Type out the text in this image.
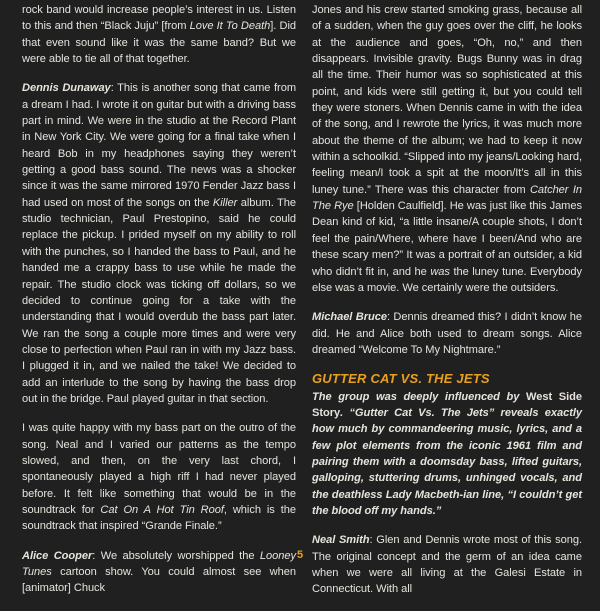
rock band would increase people’s interest in us. Listen to this and then “Black Juju” [from Love It To Death]. Did that even sound like it was the same band? But we were able to tie all of that together.

Dennis Dunaway: This is another song that came from a dream I had. I wrote it on guitar but with a driving bass part in mind. We were in the studio at the Record Plant in New York City. We were going for a final take when I heard Bob in my headphones saying they weren’t getting a good bass sound. The news was a shocker since it was the same mirrored 1970 Fender Jazz bass I had used on most of the songs on the Killer album. The studio technician, Paul Prestopino, said he could replace the pickup. I prided myself on my ability to roll with the punches, so I handed the bass to Paul, and he handed me a crappy bass to use while he made the repair. The studio clock was ticking off dollars, so we decided to continue going for a take with the understanding that I would overdub the bass part later. We ran the song a couple more times and were very close to perfection when Paul ran in with my Jazz bass. I plugged it in, and we nailed the take! We decided to add an interlude to the song by having the bass drop out in the bridge. Paul played guitar in that section.

I was quite happy with my bass part on the outro of the song. Neal and I varied our patterns as the tempo slowed, and then, on the very last chord, I spontaneously played a high riff I had never played before. It felt like something that would be in the soundtrack for Cat On A Hot Tin Roof, which is the soundtrack that inspired “Grande Finale.”

Alice Cooper: We absolutely worshipped the Looney Tunes cartoon show. You could almost see when [animator] Chuck

Jones and his crew started smoking grass, because all of a sudden, when the guy goes over the cliff, he looks at the audience and goes, “Oh, no,” and then disappears. Invisible gravity. Bugs Bunny was in drag all the time. Their humor was so sophisticated at this point, and kids were still getting it, but you could tell they were stoners. When Dennis came in with the idea of the song, and I rewrote the lyrics, it was much more about the theme of the album; we had to keep it now within a schoolkid. “Slipped into my jeans/Looking hard, feeling mean/I took a spit at the moon/It’s all in this luney tune.” There was this character from Catcher In The Rye [Holden Caulfield]. He was just like this James Dean kind of kid, “a little insane/A couple shots, I don’t feel the pain/Where, where have I been/And who are these scary men?” It was a portrait of an outsider, a kid who didn’t fit in, and he was the luney tune. Everybody else was a movie. We certainly were the outsiders.

Michael Bruce: Dennis dreamed this? I didn’t know he did. He and Alice both used to dream songs. Alice dreamed “Welcome To My Nightmare.”

GUTTER CAT VS. THE JETS

The group was deeply influenced by West Side Story. “Gutter Cat Vs. The Jets” reveals exactly how much by commandeering music, lyrics, and a few plot elements from the iconic 1961 film and pairing them with a doomsday bass, lifted guitars, galloping, stuttering drums, unhinged vocals, and the deathless Lady Macbeth-ian line, “I couldn’t get the blood off my hands.”

Neal Smith: Glen and Dennis wrote most of this song. The original concept and the germ of an idea came when we were all living at the Galesi Estate in Connecticut. With all

5
